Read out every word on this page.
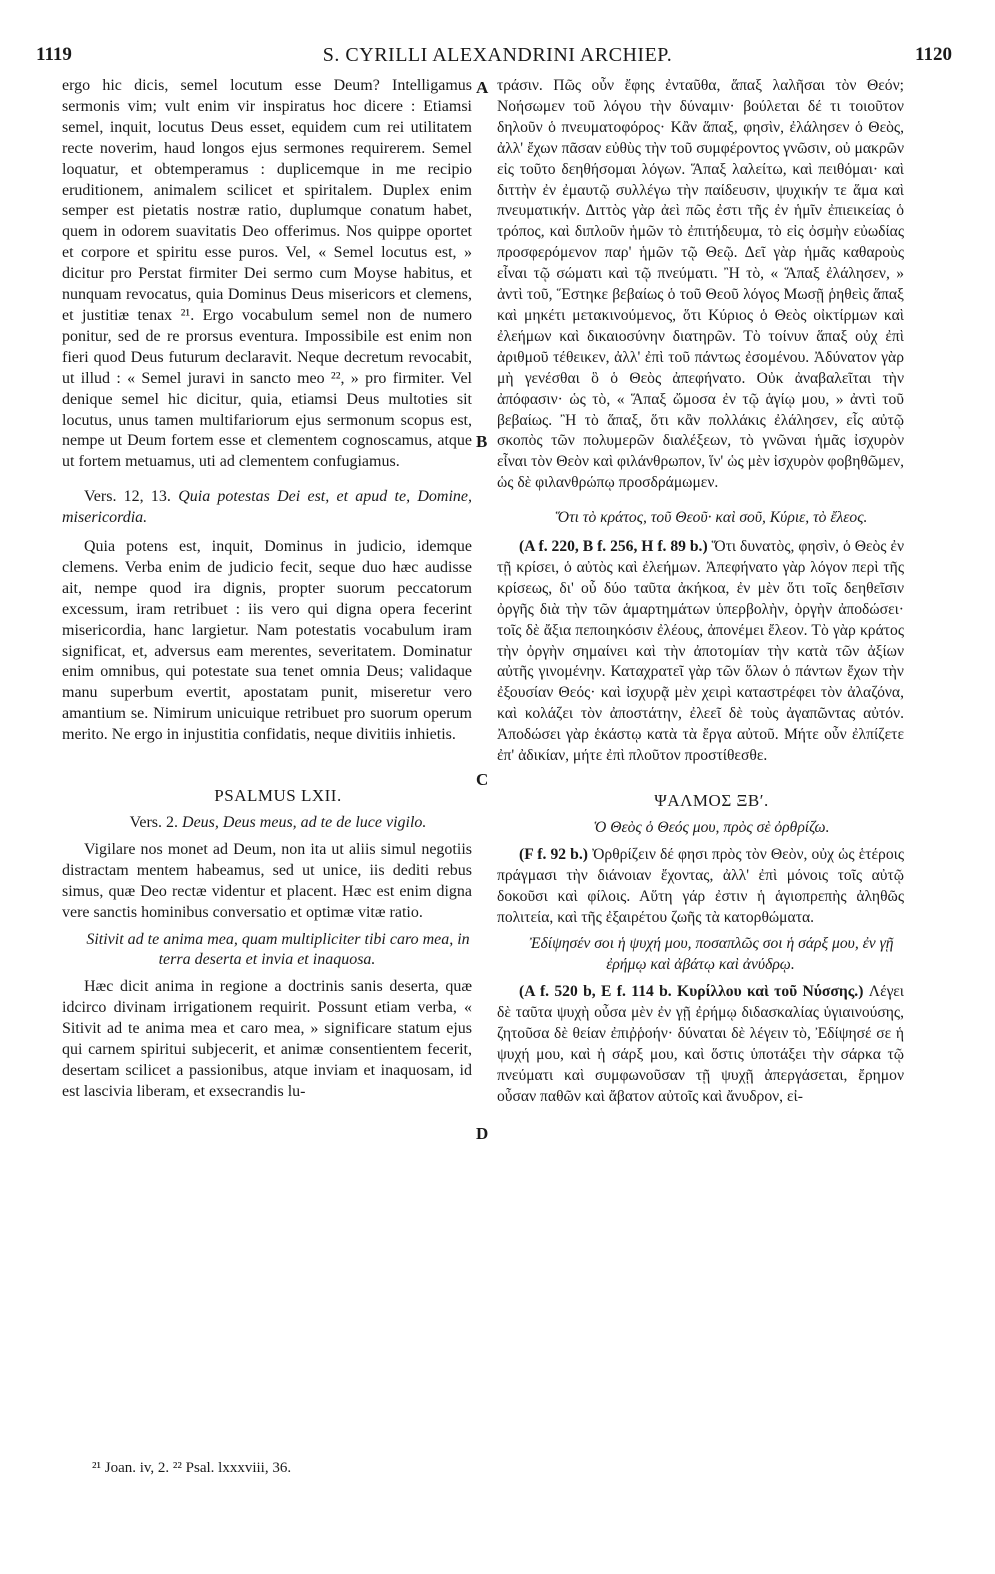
1119	S. CYRILLI ALEXANDRINI ARCHIEP.	1120
A
B
C
D

ergo hic dicis, semel locutum esse Deum? Intelligamus sermonis vim; vult enim vir inspiratus hoc dicere : Etiamsi semel, inquit, locutus Deus esset, equidem cum rei utilitatem recte noverim, haud longos ejus sermones requirerem. Semel loquatur, et obtemperamus : duplicemque in me recipio eruditionem, animalem scilicet et spiritalem. Duplex enim semper est pietatis nostræ ratio, duplumque conatum habet, quem in odorem suavitatis Deo offerimus. Nos quippe oportet et corpore et spiritu esse puros. Vel, « Semel locutus est, » dicitur pro Perstat firmiter Dei sermo cum Moyse habitus, et nunquam revocatus, quia Dominus Deus misericors et clemens, et justitiæ tenax ²¹. Ergo vocabulum semel non de numero ponitur, sed de re prorsus eventura. Impossibile est enim non fieri quod Deus futurum declaravit. Neque decretum revocabit, ut illud : « Semel juravi in sancto meo ²², » pro firmiter. Vel denique semel hic dicitur, quia, etiamsi Deus multoties sit locutus, unus tamen multifariorum ejus sermonum scopus est, nempe ut Deum fortem esse et clementem cognoscamus, atque ut fortem metuamus, uti ad clementem confugiamus.

Vers. 12, 13. Quia potestas Dei est, et apud te, Domine, misericordia.

Quia potens est, inquit, Dominus in judicio, idemque clemens. Verba enim de judicio fecit, seque duo hæc audisse ait, nempe quod ira dignis, propter suorum peccatorum excessum, iram retribuet : iis vero qui digna opera fecerint misericordia, hanc largietur. Nam potestatis vocabulum iram significat, et, adversus eam merentes, severitatem. Dominatur enim omnibus, qui potestate sua tenet omnia Deus; validaque manu superbum evertit, apostatam punit, miseretur vero amantium se. Nimirum unicuique retribuet pro suorum operum merito. Ne ergo in injustitia confidatis, neque divitiis inhietis.

PSALMUS LXII.

Vers. 2. Deus, Deus meus, ad te de luce vigilo.

Vigilare nos monet ad Deum, non ita ut aliis simul negotiis distractam mentem habeamus, sed ut unice, iis dediti rebus simus, quæ Deo rectæ videntur et placent. Hæc est enim digna vere sanctis hominibus conversatio et optimæ vitæ ratio.

Sitivit ad te anima mea, quam multipliciter tibi caro mea, in terra deserta et invia et inaquosa.

Hæc dicit anima in regione a doctrinis sanis deserta, quæ idcirco divinam irrigationem requirit. Possunt etiam verba, « Sitivit ad te anima mea et caro mea, » significare statum ejus qui carnem spiritui subjecerit, et animæ consentientem fecerit, desertam scilicet a passionibus, atque inviam et inaquosam, id est lascivia liberam, et exsecrandis lu-

τράσιν. Πῶς οὖν ἔφης ἐνταῦθα, ἅπαξ λαλῆσαι τὸν Θεόν; Νοήσωμεν τοῦ λόγου τὴν δύναμιν· βούλεται δέ τι τοιοῦτον δηλοῦν ὁ πνευματοφόρος· Κἂν ἅπαξ, φησὶν, ἐλάλησεν ὁ Θεὸς, ἀλλ' ἔχων πᾶσαν εὐθὺς τὴν τοῦ συμφέροντος γνῶσιν, οὐ μακρῶν εἰς τοῦτο δεηθήσομαι λόγων. Ἅπαξ λαλείτω, καὶ πειθόμαι· καὶ διττὴν ἐν ἐμαυτῷ συλλέγω τὴν παίδευσιν, ψυχικήν τε ἅμα καὶ πνευματικήν. Διττὸς γὰρ ἀεὶ πῶς ἐστι τῆς ἐν ἡμῖν ἐπιεικείας ὁ τρόπος, καὶ διπλοῦν ἡμῶν τὸ ἐπιτήδευμα, τὸ εἰς ὀσμὴν εὐωδίας προσφερόμενον παρ' ἡμῶν τῷ Θεῷ. Δεῖ γὰρ ἡμᾶς καθαροὺς εἶναι τῷ σώματι καὶ τῷ πνεύματι. Ἢ τὸ, « Ἅπαξ ἐλάλησεν, » ἀντὶ τοῦ, Ἕστηκε βεβαίως ὁ τοῦ Θεοῦ λόγος Μωσῇ ῥηθεὶς ἅπαξ καὶ μηκέτι μετακινούμενος, ὅτι Κύριος ὁ Θεὸς οἰκτίρμων καὶ ἐλεήμων καὶ δικαιοσύνην διατηρῶν. Τὸ τοίνυν ἅπαξ οὐχ ἐπὶ ἀριθμοῦ τέθεικεν, ἀλλ' ἐπὶ τοῦ πάντως ἐσομένου. Ἀδύνατον γὰρ μὴ γενέσθαι ὃ ὁ Θεὸς ἀπεφήνατο. Οὐκ ἀναβαλεῖται τὴν ἀπόφασιν· ὡς τὸ, « Ἅπαξ ὤμοσα ἐν τῷ ἁγίῳ μου, » ἀντὶ τοῦ βεβαίως. Ἢ τὸ ἅπαξ, ὅτι κἂν πολλάκις ἐλάλησεν, εἷς αὐτῷ σκοπὸς τῶν πολυμερῶν διαλέξεων, τὸ γνῶναι ἡμᾶς ἰσχυρὸν εἶναι τὸν Θεὸν καὶ φιλάνθρωπον, ἵν' ὡς μὲν ἰσχυρὸν φοβηθῶμεν, ὡς δὲ φιλανθρώπῳ προσδράμωμεν.

Ὅτι τὸ κράτος, τοῦ Θεοῦ· καὶ σοῦ, Κύριε, τὸ ἔλεος.

(A f. 220, B f. 256, H f. 89 b.) Ὅτι δυνατὸς, φησὶν, ὁ Θεὸς ἐν τῇ κρίσει, ὁ αὐτὸς καὶ ἐλεήμων. Ἀπεφήνατο γὰρ λόγον περὶ τῆς κρίσεως, δι' οὗ δύο ταῦτα ἀκήκοα, ἐν μὲν ὅτι τοῖς δεηθεῖσιν ὀργῆς διὰ τὴν τῶν ἁμαρτημάτων ὑπερβολὴν, ὀργὴν ἀποδώσει· τοῖς δὲ ἄξια πεποιηκόσιν ἐλέους, ἀπονέμει ἔλεον. Τὸ γὰρ κράτος τὴν ὀργὴν σημαίνει καὶ τὴν ἀποτομίαν τὴν κατὰ τῶν ἀξίων αὐτῆς γινομένην. Καταχρατεῖ γὰρ τῶν ὅλων ὁ πάντων ἔχων τὴν ἐξουσίαν Θεός· καὶ ἰσχυρᾷ μὲν χειρὶ καταστρέφει τὸν ἀλαζόνα, καὶ κολάζει τὸν ἀποστάτην, ἐλεεῖ δὲ τοὺς ἀγαπῶντας αὐτόν. Ἀποδώσει γὰρ ἑκάστῳ κατὰ τὰ ἔργα αὐτοῦ. Μήτε οὖν ἐλπίζετε ἐπ' ἀδικίαν, μήτε ἐπὶ πλοῦτον προστίθεσθε.

ΨΑΛΜΟΣ ΞΒʹ.

Ὁ Θεὸς ὁ Θεός μου, πρὸς σὲ ὀρθρίζω.

(F f. 92 b.) Ὀρθρίζειν δέ φησι πρὸς τὸν Θεὸν, οὐχ ὡς ἑτέροις πράγμασι τὴν διάνοιαν ἔχοντας, ἀλλ' ἐπὶ μόνοις τοῖς αὐτῷ δοκοῦσι καὶ φίλοις. Αὕτη γάρ ἐστιν ἡ ἁγιοπρεπὴς ἀληθῶς πολιτεία, καὶ τῆς ἐξαιρέτου ζωῆς τὰ κατορθώματα.

Ἐδίψησέν σοι ἡ ψυχή μου, ποσαπλῶς σοι ἡ σάρξ μου, ἐν γῇ ἐρήμῳ καὶ ἀβάτῳ καὶ ἀνύδρῳ.

(A f. 520 b, E f. 114 b. Κυρίλλου καὶ τοῦ Νύσσης.) Λέγει δὲ ταῦτα ψυχὴ οὖσα μὲν ἐν γῇ ἐρήμῳ διδασκαλίας ὑγιαινούσης, ζητοῦσα δὲ θείαν ἐπιῤῥοήν· δύναται δὲ λέγειν τὸ, Ἐδίψησέ σε ἡ ψυχή μου, καὶ ἡ σάρξ μου, καὶ ὅστις ὑποτάξει τὴν σάρκα τῷ πνεύματι καὶ συμφωνοῦσαν τῇ ψυχῇ ἀπεργάσεται, ἔρημον οὖσαν παθῶν καὶ ἄβατον αὐτοῖς καὶ ἄνυδρον, εἰ-

²¹ Joan. iv, 2. ²² Psal. lxxxviii, 36.
